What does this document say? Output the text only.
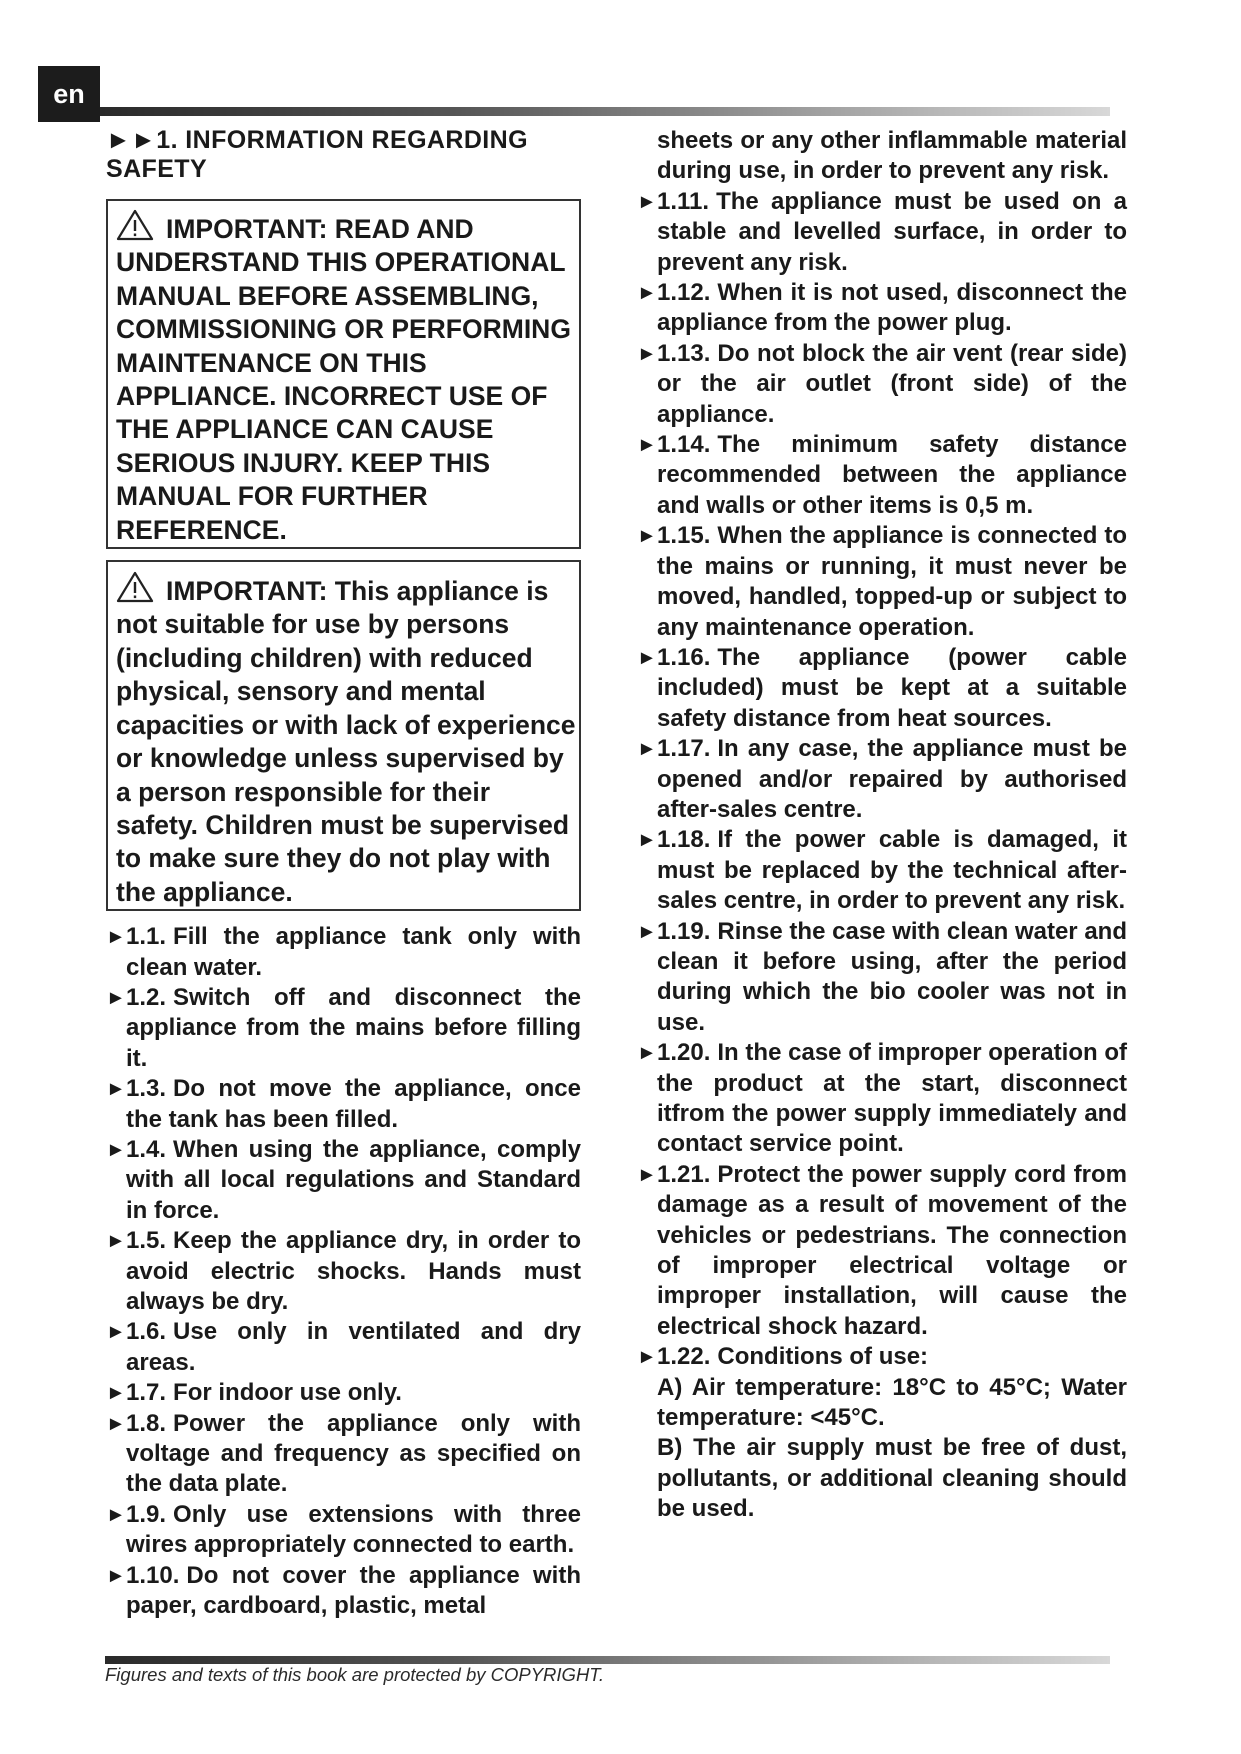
en
►►1. INFORMATION REGARDING SAFETY
IMPORTANT: READ AND UNDERSTAND THIS OPERATIONAL MANUAL BEFORE ASSEMBLING, COMMISSIONING OR PERFORMING MAINTENANCE ON THIS APPLIANCE. INCORRECT USE OF THE APPLIANCE CAN CAUSE SERIOUS INJURY. KEEP THIS MANUAL FOR FURTHER REFERENCE.
IMPORTANT: This appliance is not suitable for use by persons (including children) with reduced physical, sensory and mental capacities or with lack of experience or knowledge unless supervised by a person responsible for their safety. Children must be supervised to make sure they do not play with the appliance.
► 1.1. Fill the appliance tank only with clean water.
► 1.2. Switch off and disconnect the appliance from the mains before filling it.
► 1.3. Do not move the appliance, once the tank has been filled.
► 1.4. When using the appliance, comply with all local regulations and Standard in force.
► 1.5. Keep the appliance dry, in order to avoid electric shocks. Hands must always be dry.
► 1.6. Use only in ventilated and dry areas.
► 1.7. For indoor use only.
► 1.8. Power the appliance only with voltage and frequency as specified on the data plate.
► 1.9. Only use extensions with three wires appropriately connected to earth.
► 1.10. Do not cover the appliance with paper, cardboard, plastic, metal
sheets or any other inflammable material during use, in order to prevent any risk.
► 1.11. The appliance must be used on a stable and levelled surface, in order to prevent any risk.
► 1.12. When it is not used, disconnect the appliance from the power plug.
► 1.13. Do not block the air vent (rear side) or the air outlet (front side) of the appliance.
► 1.14. The minimum safety distance recommended between the appliance and walls or other items is 0,5 m.
► 1.15. When the appliance is connected to the mains or running, it must never be moved, handled, topped-up or subject to any maintenance operation.
► 1.16. The appliance (power cable included) must be kept at a suitable safety distance from heat sources.
► 1.17. In any case, the appliance must be opened and/or repaired by authorised after-sales centre.
► 1.18. If the power cable is damaged, it must be replaced by the technical after-sales centre, in order to prevent any risk.
► 1.19. Rinse the case with clean water and clean it before using, after the period during which the bio cooler was not in use.
► 1.20. In the case of improper operation of the product at the start, disconnect itfrom the power supply immediately and contact service point.
► 1.21. Protect the power supply cord from damage as a result of movement of the vehicles or pedestrians. The connection of improper electrical voltage or improper installation, will cause the electrical shock hazard.
► 1.22. Conditions of use:
A) Air temperature: 18°C to 45°C; Water temperature: <45°C.
B) The air supply must be free of dust, pollutants, or additional cleaning should be used.
Figures and texts of this book are protected by COPYRIGHT.
